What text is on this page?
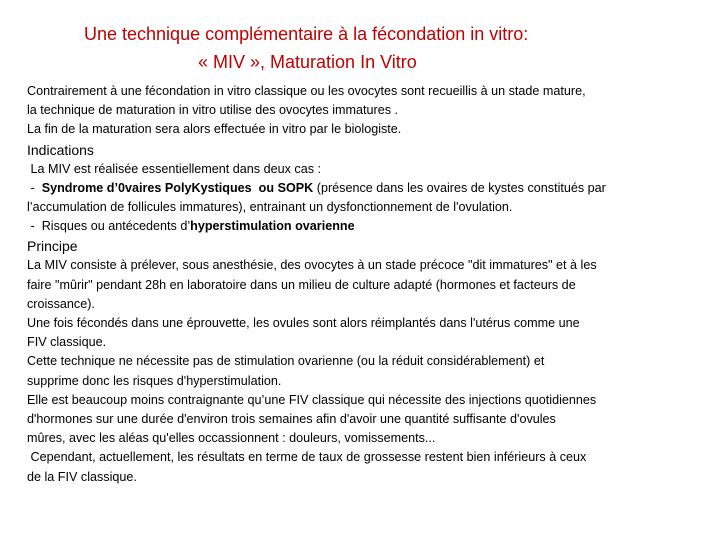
Une technique complémentaire à la fécondation in vitro:
« MIV », Maturation In Vitro

Contrairement à une fécondation in vitro classique ou les ovocytes sont recueillis à un stade mature,
la technique de maturation in vitro utilise des ovocytes immatures .
La fin de la maturation sera alors effectuée in vitro par le biologiste.

Indications

La MIV est réalisée essentiellement dans deux cas :
-  Syndrome d’0vaires PolyKystiques  ou SOPK (présence dans les ovaires de kystes constitués par
l’accumulation de follicules immatures), entrainant un dysfonctionnement de l'ovulation.
-  Risques ou antécedents d’hyperstimulation ovarienne

Principe

La MIV consiste à prélever, sous anesthésie, des ovocytes à un stade précoce "dit immatures" et à les
faire "mûrir" pendant 28h en laboratoire dans un milieu de culture adapté (hormones et facteurs de
croissance).
Une fois fécondés dans une éprouvette, les ovules sont alors réimplantés dans l'utérus comme une
FIV classique.
Cette technique ne nécessite pas de stimulation ovarienne (ou la réduit considérablement) et
supprime donc les risques d'hyperstimulation.
Elle est beaucoup moins contraignante qu’une FIV classique qui nécessite des injections quotidiennes
d'hormones sur une durée d'environ trois semaines afin d'avoir une quantité suffisante d'ovules
mûres, avec les aléas qu'elles occassionnent : douleurs, vomissements...
Cependant, actuellement, les résultats en terme de taux de grossesse restent bien inférieurs à ceux
de la FIV classique.
